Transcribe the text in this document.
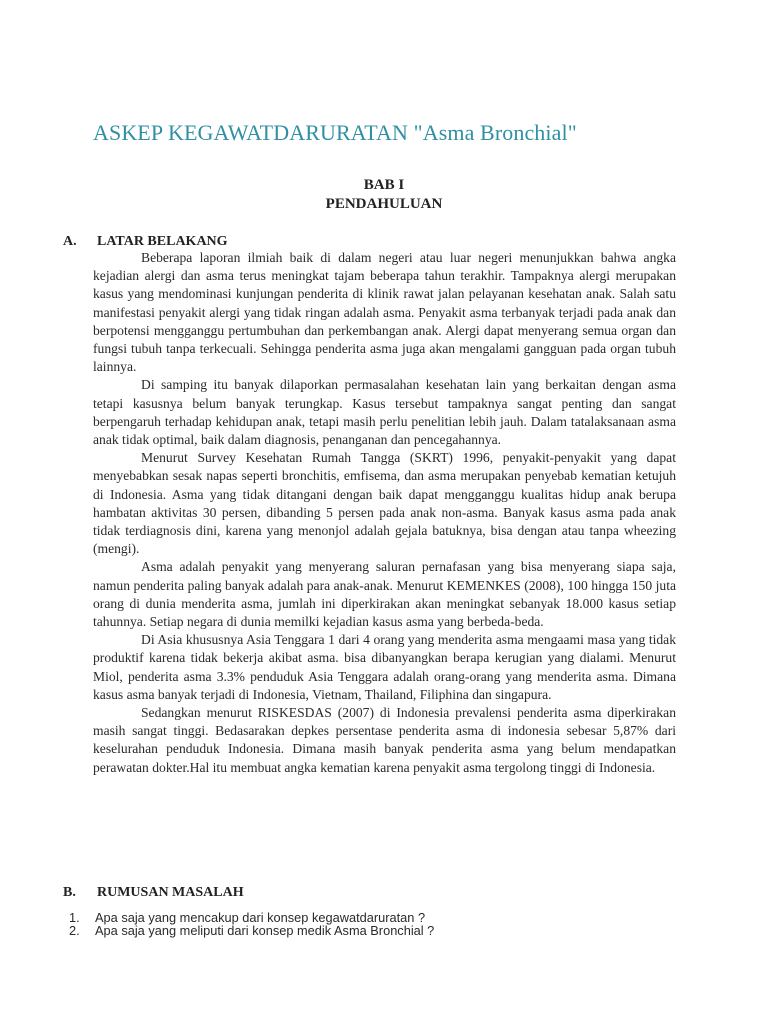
ASKEP KEGAWATDARURATAN "Asma Bronchial"
BAB I
PENDAHULUAN
A. LATAR BELAKANG

Beberapa laporan ilmiah baik di dalam negeri atau luar negeri menunjukkan bahwa angka kejadian alergi dan asma terus meningkat tajam beberapa tahun terakhir. Tampaknya alergi merupakan kasus yang mendominasi kunjungan penderita di klinik rawat jalan pelayanan kesehatan anak. Salah satu manifestasi penyakit alergi yang tidak ringan adalah asma. Penyakit asma terbanyak terjadi pada anak dan berpotensi mengganggu pertumbuhan dan perkembangan anak. Alergi dapat menyerang semua organ dan fungsi tubuh tanpa terkecuali. Sehingga penderita asma juga akan mengalami gangguan pada organ tubuh lainnya.

Di samping itu banyak dilaporkan permasalahan kesehatan lain yang berkaitan dengan asma tetapi kasusnya belum banyak terungkap. Kasus tersebut tampaknya sangat penting dan sangat berpengaruh terhadap kehidupan anak, tetapi masih perlu penelitian lebih jauh. Dalam tatalaksanaan asma anak tidak optimal, baik dalam diagnosis, penanganan dan pencegahannya.

Menurut Survey Kesehatan Rumah Tangga (SKRT) 1996, penyakit-penyakit yang dapat menyebabkan sesak napas seperti bronchitis, emfisema, dan asma merupakan penyebab kematian ketujuh di Indonesia. Asma yang tidak ditangani dengan baik dapat mengganggu kualitas hidup anak berupa hambatan aktivitas 30 persen, dibanding 5 persen pada anak non-asma. Banyak kasus asma pada anak tidak terdiagnosis dini, karena yang menonjol adalah gejala batuknya, bisa dengan atau tanpa wheezing (mengi).

Asma adalah penyakit yang menyerang saluran pernafasan yang bisa menyerang siapa saja, namun penderita paling banyak adalah para anak-anak. Menurut KEMENKES (2008), 100 hingga 150 juta orang di dunia menderita asma, jumlah ini diperkirakan akan meningkat sebanyak 18.000 kasus setiap tahunnya. Setiap negara di dunia memilki kejadian kasus asma yang berbeda-beda.

Di Asia khususnya Asia Tenggara 1 dari 4 orang yang menderita asma mengaami masa yang tidak produktif karena tidak bekerja akibat asma. bisa dibanyangkan berapa kerugian yang dialami. Menurut Miol, penderita asma 3.3% penduduk Asia Tenggara adalah orang-orang yang menderita asma. Dimana kasus asma banyak terjadi di Indonesia, Vietnam, Thailand, Filiphina dan singapura.

Sedangkan menurut RISKESDAS (2007) di Indonesia prevalensi penderita asma diperkirakan masih sangat tinggi. Bedasarakan depkes persentase penderita asma di indonesia sebesar 5,87% dari keselurahan penduduk Indonesia. Dimana masih banyak penderita asma yang belum mendapatkan perawatan dokter.Hal itu membuat angka kematian karena penyakit asma tergolong tinggi di Indonesia.

B. RUMUSAN MASALAH
1. Apa saja yang mencakup dari konsep kegawatdaruratan ?
2. Apa saja yang meliputi dari konsep medik Asma Bronchial ?
